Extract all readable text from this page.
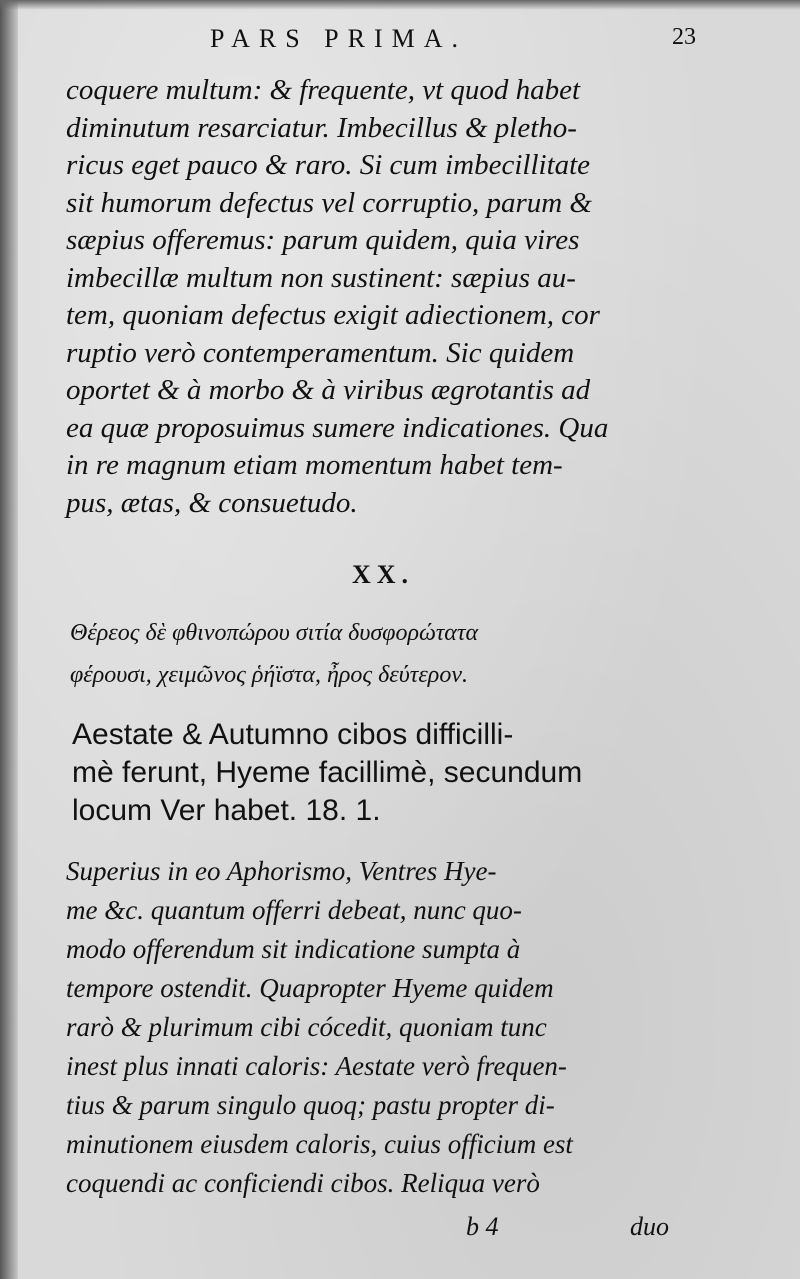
PARS PRIMA.	23
coquere multum: & frequente, vt quod habet
diminutum resarciatur. Imbecillus & pletho-
ricus eget pauco & raro. Si cum imbecillitate
sit humorum defectus vel corruptio, parum &
sæpius offeremus: parum quidem, quia vires
imbecillæ multum non sustinent: sæpius au-
tem, quoniam defectus exigit adiectionem, cor
ruptio verò contemperamentum. Sic quidem
oportet & à morbo & à viribus ægrotantis ad
ea quæ proposuimus sumere indicationes. Qua
in re magnum etiam momentum habet tem-
pus, ætas, & consuetudo.
XX.
Θέρεος δὲ φθινοπώρου σιτία δυσφορώτατα
φέρουσι, χειμῶνος ῥήϊστα, ἦρος δεύτερον.
Aestate & Autumno cibos difficilli-
mè ferunt, Hyeme facillimè, secundum
locum Ver habet. 18. 1.
Superius in eo Aphorismo, Ventres Hye-
me &c. quantum offerri debeat, nunc quo-
modo offerendum sit indicatione sumpta à
tempore ostendit. Quapropter Hyeme quidem
rarò & plurimum cibi cócedit, quoniam tunc
inest plus innati caloris: Aestate verò frequen-
tius & parum singulo quoq; pastu propter di-
minutionem eiusdem caloris, cuius officium est
coquendi ac conficiendi cibos. Reliqua verò
b 4	duo
